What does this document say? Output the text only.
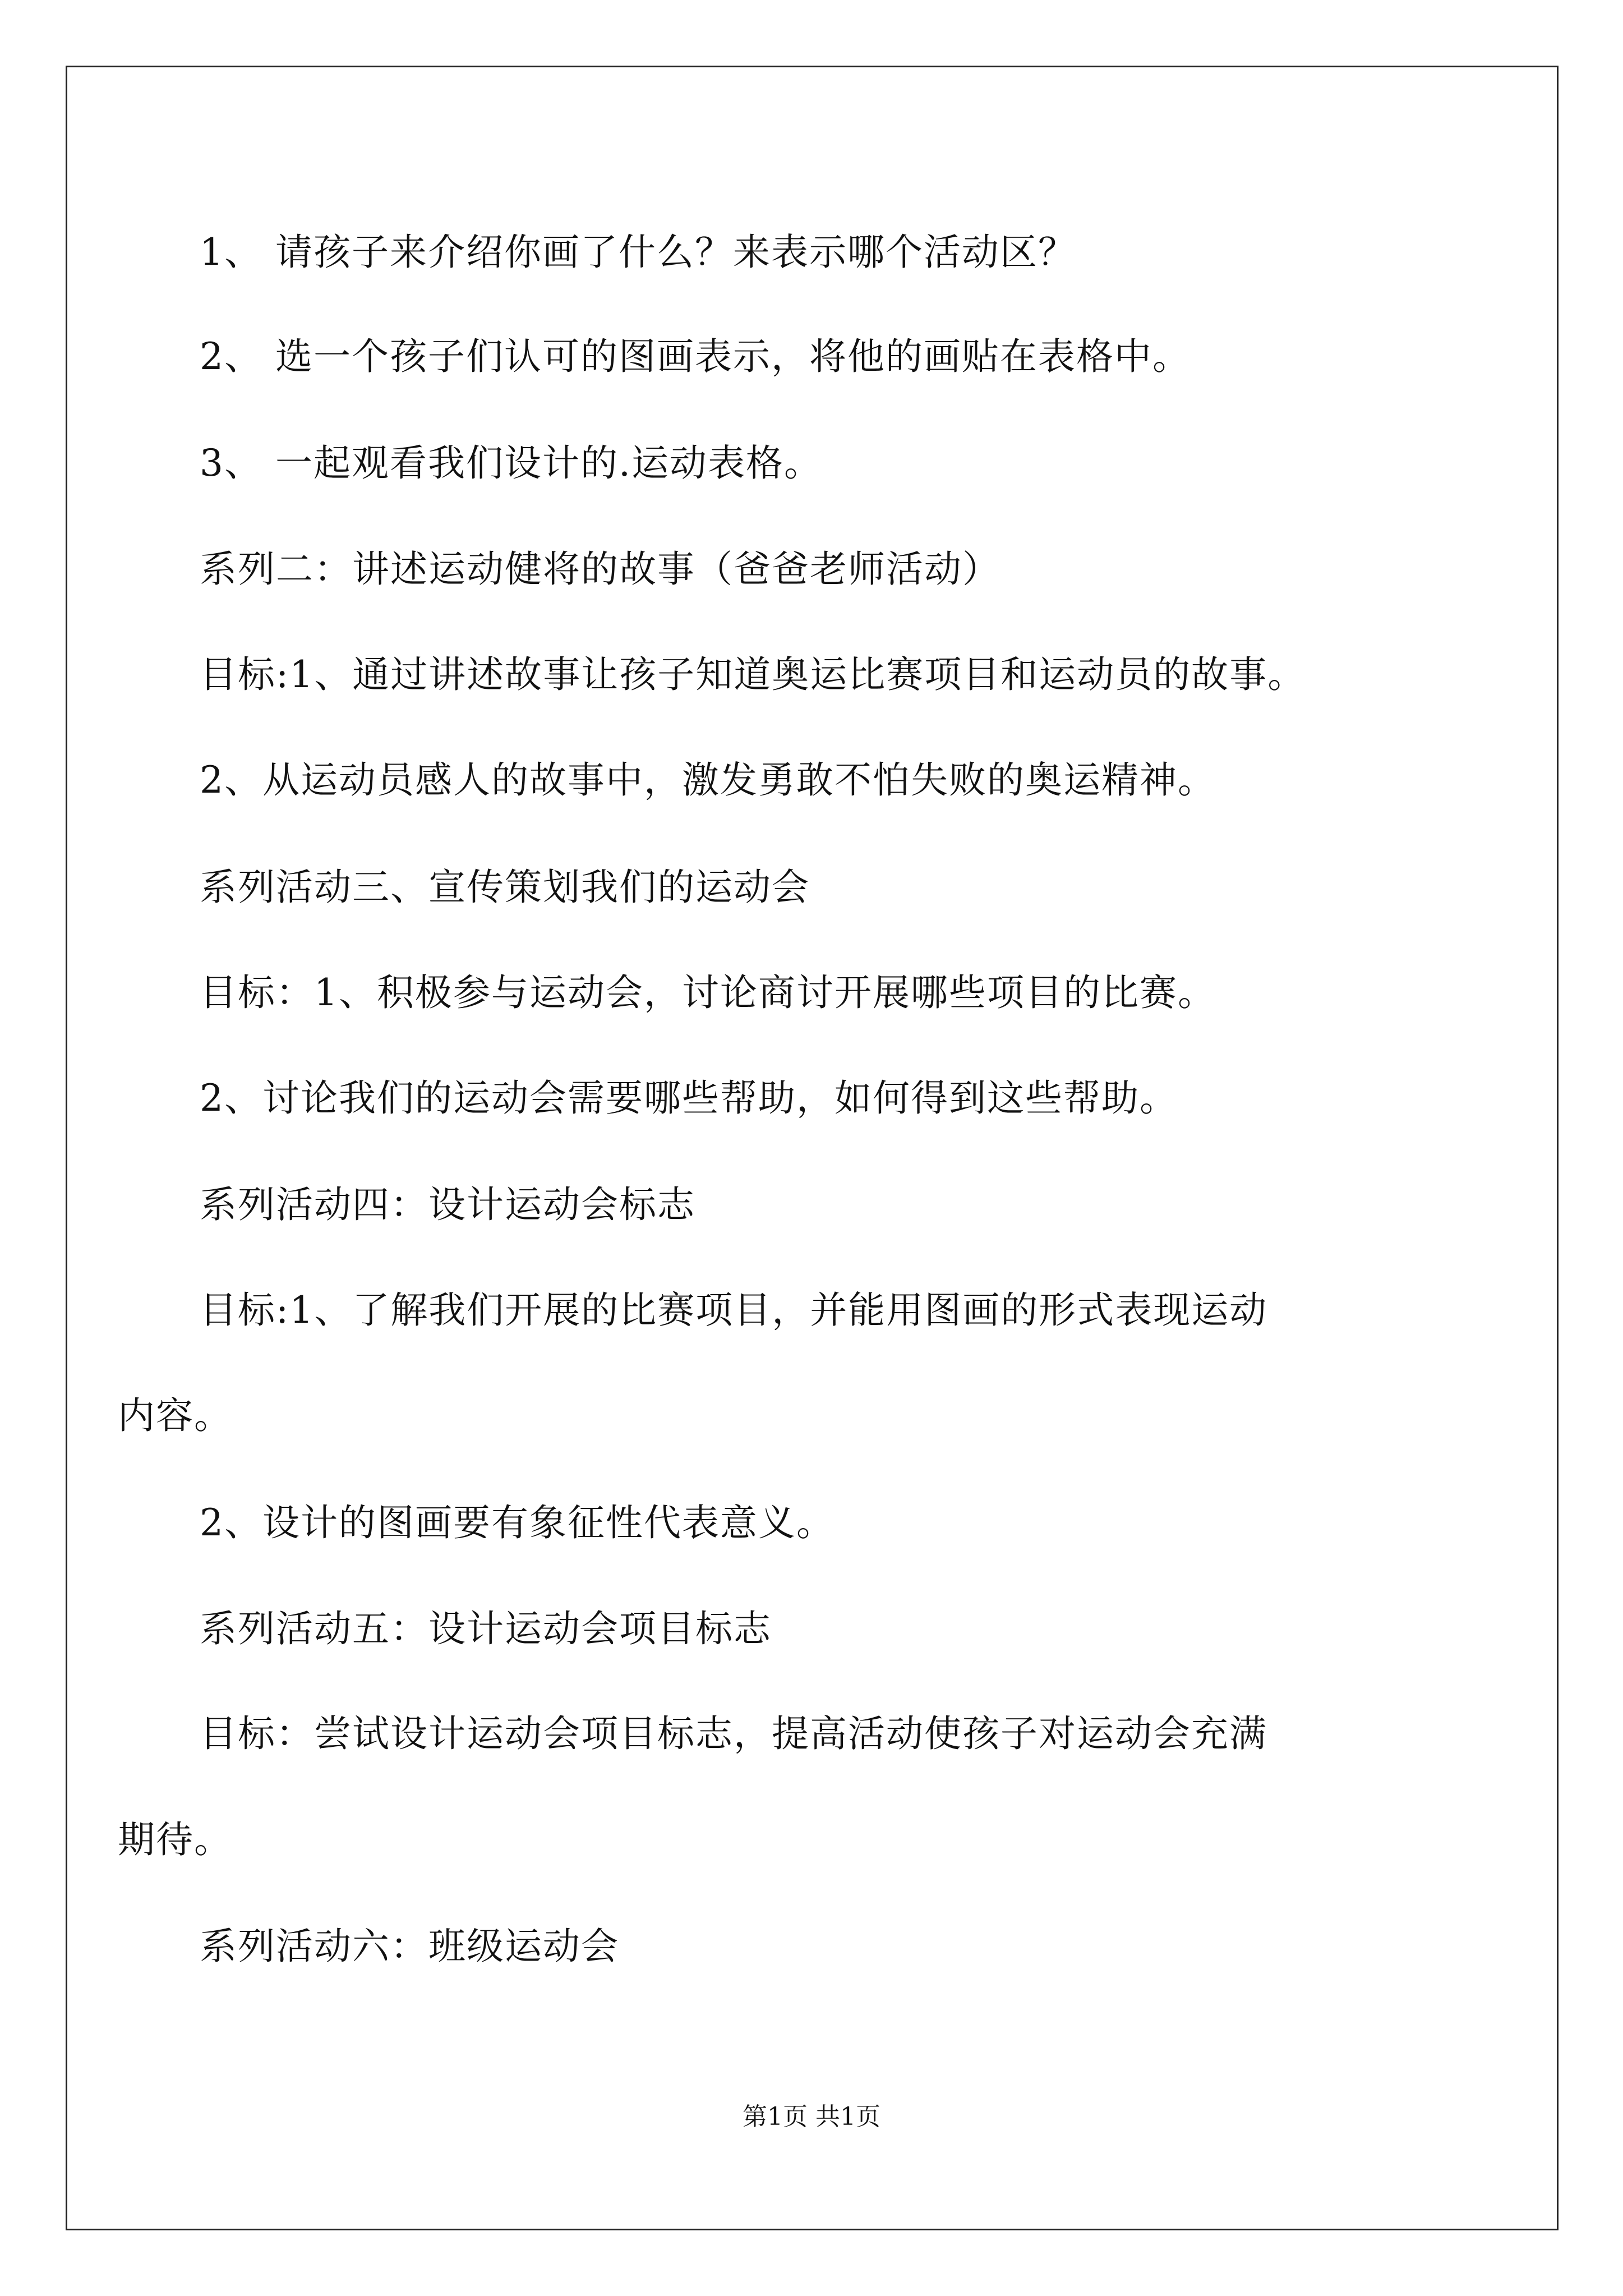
1、 请孩子来介绍你画了什么？来表示哪个活动区？
2、 选一个孩子们认可的图画表示，将他的画贴在表格中。
3、 一起观看我们设计的.运动表格。
系列二：讲述运动健将的故事（爸爸老师活动）
目标:1、通过讲述故事让孩子知道奥运比赛项目和运动员的故事。
2、从运动员感人的故事中，激发勇敢不怕失败的奥运精神。
系列活动三、宣传策划我们的运动会
目标：1、积极参与运动会，讨论商讨开展哪些项目的比赛。
2、讨论我们的运动会需要哪些帮助，如何得到这些帮助。
系列活动四：设计运动会标志
目标:1、了解我们开展的比赛项目，并能用图画的形式表现运动
内容。
2、设计的图画要有象征性代表意义。
系列活动五：设计运动会项目标志
目标：尝试设计运动会项目标志，提高活动使孩子对运动会充满
期待。
系列活动六：班级运动会
第1页 共1页
